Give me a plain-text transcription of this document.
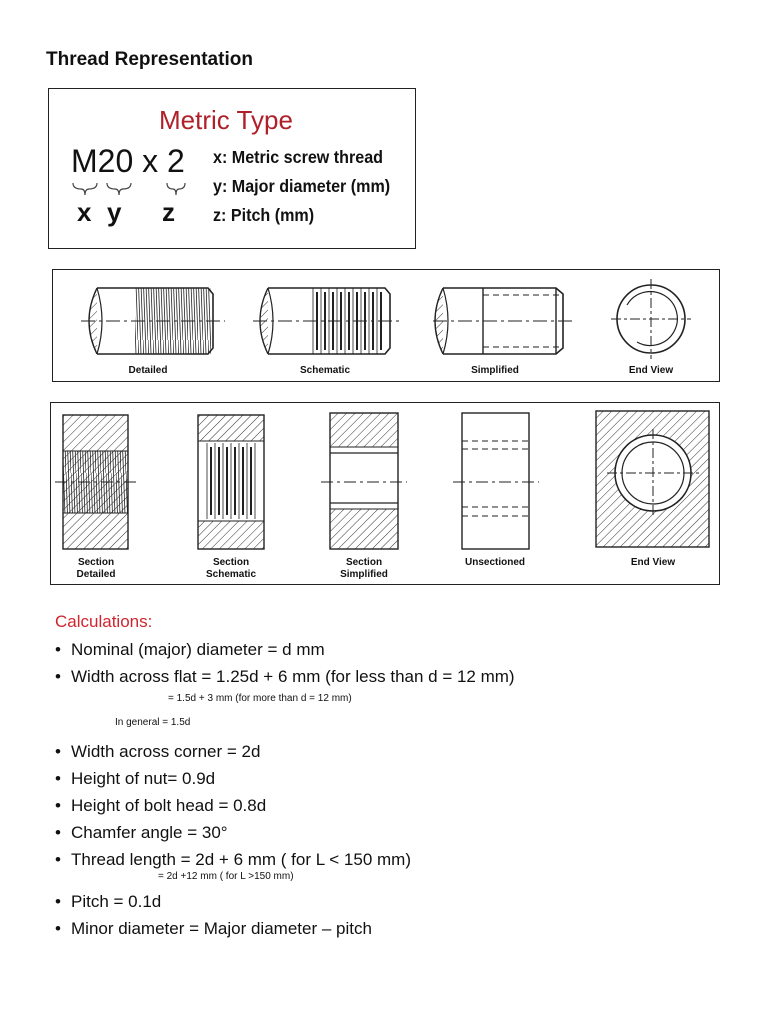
Thread Representation
Metric Type
M20 x 2
x y z
x: Metric screw thread
y: Major diameter (mm)
z: Pitch (mm)
Detailed	Schematic	Simplified	End View
Section
Detailed
Section
Schematic
Section
Simplified
Unsectioned	End View
Calculations:
• Nominal (major) diameter = d mm
• Width across flat = 1.25d + 6 mm (for less than d = 12 mm)
= 1.5d + 3 mm (for more than d = 12 mm)
In general = 1.5d
• Width across corner = 2d
• Height of nut= 0.9d
• Height of bolt head = 0.8d
• Chamfer angle = 30°
• Thread length = 2d + 6 mm ( for L < 150 mm)
= 2d +12 mm ( for L >150 mm)
• Pitch = 0.1d
• Minor diameter = Major diameter – pitch
